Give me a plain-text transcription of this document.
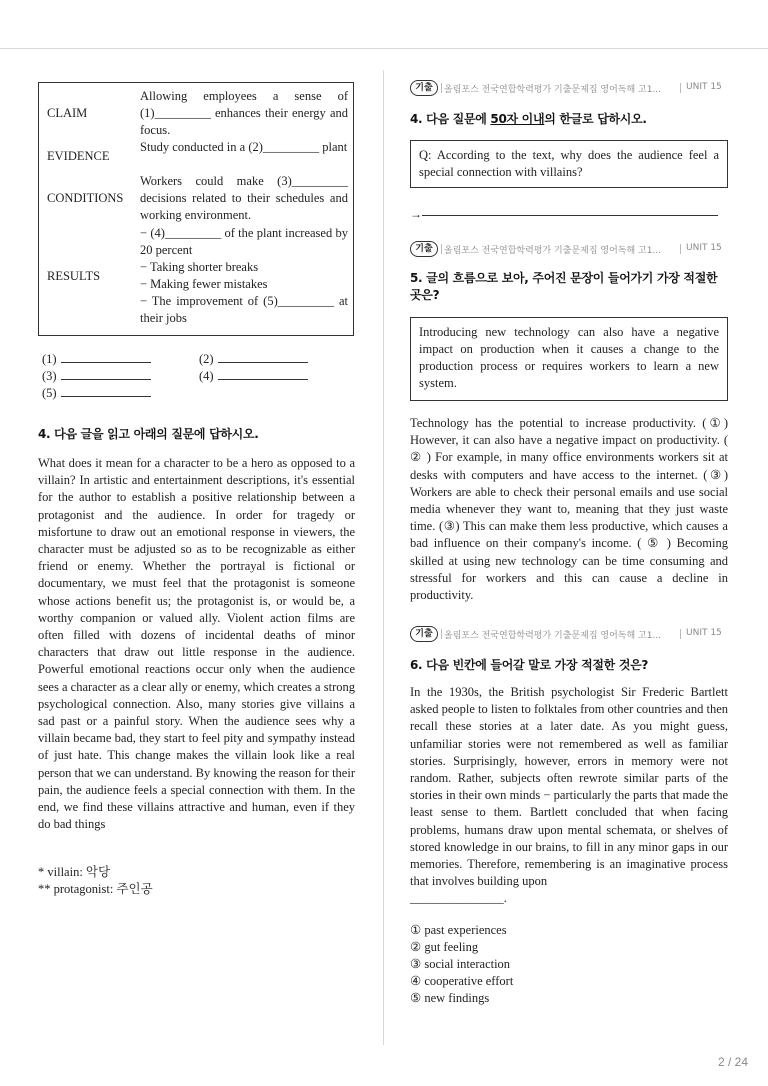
CLAIM
Allowing employees a sense of (1)_________ enhances their energy and focus.
EVIDENCE
Study conducted in a (2)_________ plant
CONDITIONS
Workers could make (3)_________ decisions related to their schedules and working environment.
RESULTS
− (4)_________ of the plant increased by 20 percent
− Taking shorter breaks
− Making fewer mistakes
− The improvement of (5)_________ at their jobs
(1)	(2)
(3)	(4)
(5)
4. 다음 글을 읽고 아래의 질문에 답하시오.

What does it mean for a character to be a hero as opposed to a villain? In artistic and entertainment descriptions, it's essential for the author to establish a positive relationship between a protagonist and the audience. In order for tragedy or misfortune to draw out an emotional response in viewers, the character must be adjusted so as to be recognizable as either friend or enemy. Whether the portrayal is fictional or documentary, we must feel that the protagonist is someone whose actions benefit us; the protagonist is, or would be, a worthy companion or valued ally. Violent action films are often filled with dozens of incidental deaths of minor characters that draw out little response in the audience. Powerful emotional reactions occur only when the audience sees a character as a clear ally or enemy, which creates a strong psychological connection. Also, many stories give villains a sad past or a painful story. When the audience sees why a villain became bad, they start to feel pity and sympathy instead of just hate. This change makes the villain look like a real person that we can understand. By knowing the reason for their pain, the audience feels a special connection with them. In the end, we find these villains attractive and human, even if they do bad things

* villain: 악당
** protagonist: 주인공
기출	올림포스 전국연합학력평가 기출문제집 영어독해 고1...	UNIT 15
4. 다음 질문에 50자 이내의 한글로 답하시오.
Q: According to the text, why does the audience feel a special connection with villains?
→
기출	올림포스 전국연합학력평가 기출문제집 영어독해 고1...	UNIT 15
5. 글의 흐름으로 보아, 주어진 문장이 들어가기 가장 적절한 곳은?
Introducing new technology can also have a negative impact on production when it causes a change to the production process or requires workers to learn a new system.

Technology has the potential to increase productivity. (①) However, it can also have a negative impact on productivity. ( ② ) For example, in many office environments workers sit at desks with computers and have access to the internet. (③) Workers are able to check their personal emails and use social media whenever they want to, meaning that they just waste time. (③) This can make them less productive, which causes a bad influence on their company's income. ( ⑤ ) Becoming skilled at using new technology can be time consuming and stressful for workers and this can cause a decline in productivity.

기출	올림포스 전국연합학력평가 기출문제집 영어독해 고1...	UNIT 15
6. 다음 빈칸에 들어갈 말로 가장 적절한 것은?

In the 1930s, the British psychologist Sir Frederic Bartlett asked people to listen to folktales from other countries and then recall these stories at a later date. As you might guess, unfamiliar stories were not remembered as well as familiar stories. Surprisingly, however, errors in memory were not random. Rather, subjects often rewrote similar parts of the stories in their own minds − particularly the parts that made the least sense to them. Bartlett concluded that when facing problems, humans draw upon mental schemata, or shelves of stored knowledge in our brains, to fill in any minor gaps in our memories. Therefore, remembering is an imaginative process that involves building upon
_______________.

① past experiences
② gut feeling
③ social interaction
④ cooperative effort
⑤ new findings
2 / 24
